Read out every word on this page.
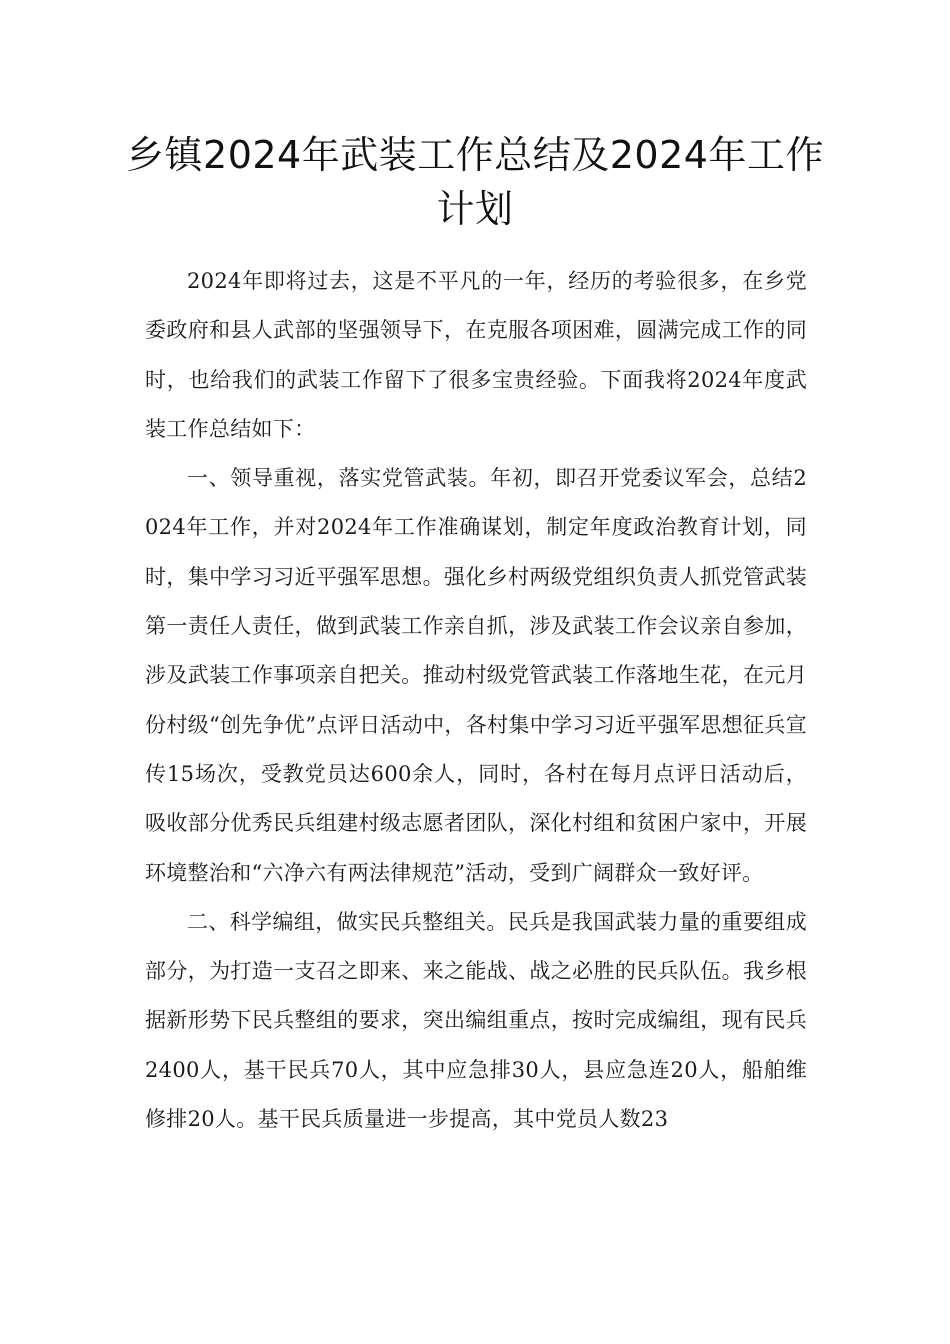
乡镇2024年武装工作总结及2024年工作计划

2024年即将过去，这是不平凡的一年，经历的考验很多，在乡党委政府和县人武部的坚强领导下，在克服各项困难，圆满完成工作的同时，也给我们的武装工作留下了很多宝贵经验。下面我将2024年度武装工作总结如下：

一、领导重视，落实党管武装。年初，即召开党委议军会，总结2024年工作，并对2024年工作准确谋划，制定年度政治教育计划，同时，集中学习习近平强军思想。强化乡村两级党组织负责人抓党管武装第一责任人责任，做到武装工作亲自抓，涉及武装工作会议亲自参加，涉及武装工作事项亲自把关。推动村级党管武装工作落地生花，在元月份村级“创先争优”点评日活动中，各村集中学习习近平强军思想征兵宣传15场次，受教党员达600余人，同时，各村在每月点评日活动后，吸收部分优秀民兵组建村级志愿者团队，深化村组和贫困户家中，开展环境整治和“六净六有两法律规范”活动，受到广阔群众一致好评。

二、科学编组，做实民兵整组关。民兵是我国武装力量的重要组成部分，为打造一支召之即来、来之能战、战之必胜的民兵队伍。我乡根据新形势下民兵整组的要求，突出编组重点，按时完成编组，现有民兵2400人，基干民兵70人，其中应急排30人，县应急连20人，船舶维修排20人。基干民兵质量进一步提高，其中党员人数23
